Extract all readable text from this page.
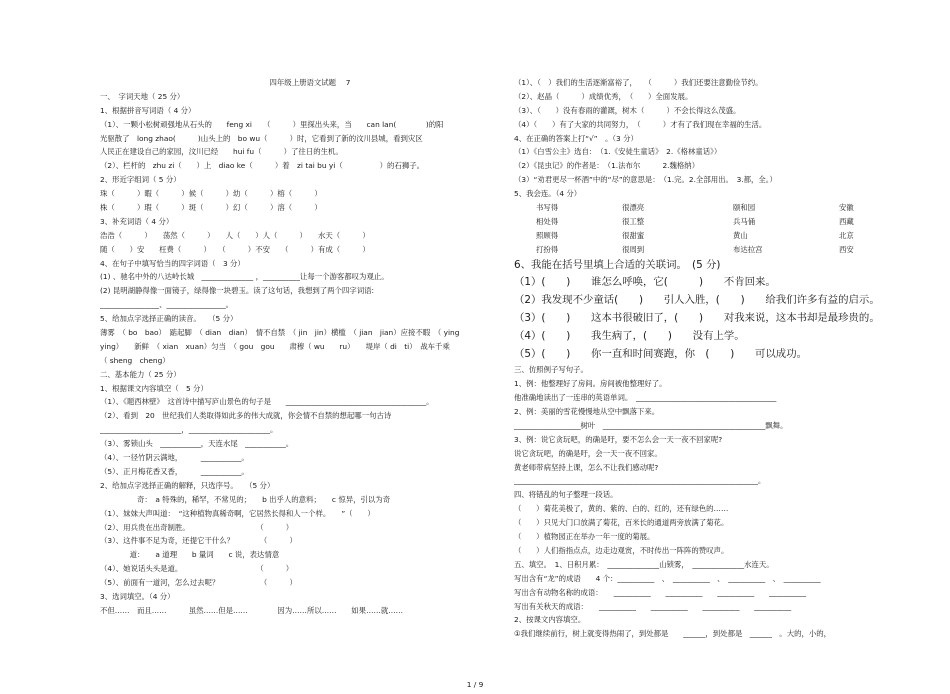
四年级上册语文试题　 7
一、　字词天地（ 25 分）
1、根据拼音写词语（ 4 分）
（1）、一颗小松树顽强地从石头的　　feng xi　　（　　　）里探出头来，当　　can lan(　　　　)的阳
光驱散了　long zhao(　　　)山头上的　bo wu（　　　）时，它看到了新的汶川县城，看到灾区
人民正在建设自己的家园，汶川已经　　hui fu（　　　）了往日的生机。
（2）、栏杆的　zhu zi（　　）上　diao ke（　　　）着　zi tai bu yi（　　　　　）的石狮子。
2、形近字组词（ 5 分）
珠（　　　）暇（　　　）候（　　　）幼（　　　）榕（　　　）
株（　　　）瑕（　　　）斑（　　　）幻（　　　）溶（　　　）
3、补充词语（ 4 分）
浩浩（　　　）　　荡然（　　　）　　人（　　）人（　　　）　　水天（　　　）
随（　　）安　　枉费（　　　）　　（　　　）不安　　（　　　）有成（　　　）
4、在句子中填写恰当的四字词语（　3 分）
(1) 、驰名中外的八达岭长城　______________ ，__________让每一个游客都叹为观止。
(2) 昆明湖静得像一面镜子，绿得像一块碧玉。读了这句话，我想到了两个四字词语:
________________、________________。
5、给加点字选择正确的读音。　　（5 分）
薄雾　（ bo　bao）　踮起脚　（ dian　dian）　情不自禁　（ jin　jin）横槛　（ jian　jian）应接不暇　（ ying
ying）　　新鲜　（ xian　xuan）匀当　（ gou　gou　　肃穆（ wu　　ru）　　堤岸（ di　ti）　战车千乘
（ sheng　cheng）
二、基本能力（ 25 分）
1、根据课文内容填空（　5 分）
（1）、《题西林壁》　这首诗中描写庐山景色的句子是　　______________________________________。
（2）、看到　20　世纪我们人类取得如此多的伟大成就，你会情不自禁的想起哪一句古诗
______________________，______________________。
（3）、雾锁山头　___________，天连水尾　___________。
（4）、一径竹阴云满地，　　　___________。
（5）、正月梅花香又香，　　　___________。
2、给加点字选择正确的解释，只选序号。　　（5 分）
　　　　　奇：　a 特殊的，稀罕，不常见的；　　b 出乎人的意料；　　c 惊异，引以为奇
（1）、妹妹大声叫道：　“这种植物真稀奇啊，它居然长得和人一个样。　　”（　　）
（2）、用兵贵在出奇制胜。　　　　　　　　　　（　　　）
（3）、这件事不足为奇，还提它干什么？　　　　（　　　）
　　　　道：　　a 道理　　b 量词　　c 说，表达情意
（4）、她说话头头是道。　　　　　　　　　　　（　　　）
（5）、前面有一道河，怎么过去呢？　　　　　　（　　　）
3、选词填空。（4 分）
不但……　而且……　　　虽然……但是……　　　　因为……所以……　　如果……就……
（1）、（　）我们的生活逐渐富裕了，　　（　　　）我们还要注意勤俭节约。
（2）、赵晶（　　　）成绩优秀，　（　　）全面发展。
（3）、（　　）没有春雨的灌溉，树木（　　　）不会长得这么茂盛。
（4）（　　）有了大家的共同努力，　（　　　）才有了我们现在幸福的生活。
4、在正确的答案上打“√”　。（3 分）
（1）《白雪公主》选自：　（1.《安徒生童话》　2.《格林童话》）
（2）《昆虫记》的作者是：　（1.法布尔　　　2.魏格纳）
（3）“劝君更尽一杯酒”中的“尽”的意思是：　（1.完。2.全部用出。　3.都，全。）
5、我会连。（4 分）
书写得	很漂亮	颐和园	安徽
相处得	很工整	兵马俑	西藏
照顾得	很甜蜜	黄山	北京
打扮得	很周到	布达拉宫	西安
6、我能在括号里填上合适的关联词。　(5 分)
（1）(　　)　　谁怎么呼唤，它(　　　)　　不肯回来。
（2）我发现不少童话(　　)　　引人入胜，(　　)　　给我们许多有益的启示。
（3）(　　)　　这本书很破旧了，(　　)　　对我来说，这本书却是最珍贵的。
（4）(　　)　　我生病了，(　　)　　没有上学。
（5）(　　)　　你一直和时间赛跑，你　(　　)　　可以成功。
三、仿照例子写句子。
1、例：他整理好了房间。房间被他整理好了。
他准确地读出了一连串的英语单词。　______________________________________
2、例：美丽的雪花慢慢地从空中飘落下来。
__________________树叶　____________________________________________飘舞。
3、例：说它贪玩吧，的确是吁，要不怎么会一天一夜不回家呢?
说它贪玩吧，的确是吁，会一天一夜不回家。
黄老师带病坚持上课，怎么不让我们感动呢?
__________________________________________________________________。
四、将错乱的句子整理一段话。
（　　）菊花美极了，黄的、紫的、白的、红的，还有绿色的……
（　　）只见大门口放满了菊花，百米长的通道两旁放满了菊花。
（　　）植物园正在举办一年一度的菊展。
（　　）人们指指点点，边走边观赏，不时传出一阵阵的赞叹声。
五、填空。　1、日积月累：　______________山锁雾，　______________水连天。
写出含有“龙”的成语　　4 个：__________　、　__________　、　__________　、　__________
写出含有动物名称的成语：　　__________　　__________　　__________　　__________
写出有关秋天的成语：　　__________　　__________　　__________　　__________
2、按课文内容填空。
①我们继续前行，树上就变得热闹了，到处都是　　______，到处都是　______　。大的，小的，
1 / 9
